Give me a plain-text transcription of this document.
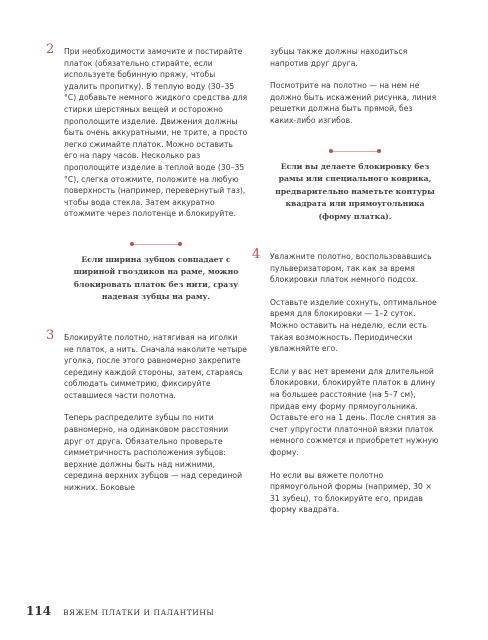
2 При необходимости замочите и постирайте платок (обязательно стирайте, если используете бобинную пряжу, чтобы удалить пропитку). В теплую воду (30–35 °С) добавьте немного жидкого средства для стирки шерстяных вещей и осторожно прополощите изделие. Движения должны быть очень аккуратными, не трите, а просто легко сжимайте платок. Можно оставить его на пару часов. Несколько раз прополощите изделие в теплой воде (30–35 °С), слегка отожмите, положите на любую поверхность (например, перевернутый таз), чтобы вода стекла. Затем аккуратно отожмите через полотенце и блокируйте.

Если ширина зубцов совпадает с шириной гвоздиков на раме, можно блокировать платок без нити, сразу надевая зубцы на раму.

3 Блокируйте полотно, натягивая на иголки не платок, а нить. Сначала наколите четыре уголка, после этого равномерно закрепите середину каждой стороны, затем, стараясь соблюдать симметрию, фиксируйте оставшиеся части полотна.

Теперь распределите зубцы по нити равномерно, на одинаковом расстоянии друг от друга. Обязательно проверьте симметричность расположения зубцов: верхние должны быть над нижними, середина верхних зубцов — над серединой нижних. Боковые

зубцы также должны находиться напротив друг друга.

Посмотрите на полотно — на нем не должно быть искажений рисунка, линия решетки должна быть прямой, без каких-либо изгибов.

Если вы делаете блокировку без рамы или специального коврика, предварительно наметьте контуры квадрата или прямоугольника (форму платка).

4 Увлажните полотно, воспользовавшись пульверизатором, так как за время блокировки платок немного подсох.

Оставьте изделие сохнуть, оптимальное время для блокировки — 1–2 суток. Можно оставить на неделю, если есть такая возможность. Периодически увлажняйте его.

Если у вас нет времени для длительной блокировки, блокируйте платок в длину на большее расстояние (на 5–7 см), придав ему форму прямоугольника. Оставьте его на 1 день. После снятия за счет упругости платочной вязки платок немного сожмется и приобретет нужную форму.

Но если вы вяжете полотно прямоугольной формы (например, 30 × 31 зубец), то блокируйте его, придав форму квадрата.

114 ВЯЖЕМ ПЛАТКИ И ПАЛАНТИНЫ
